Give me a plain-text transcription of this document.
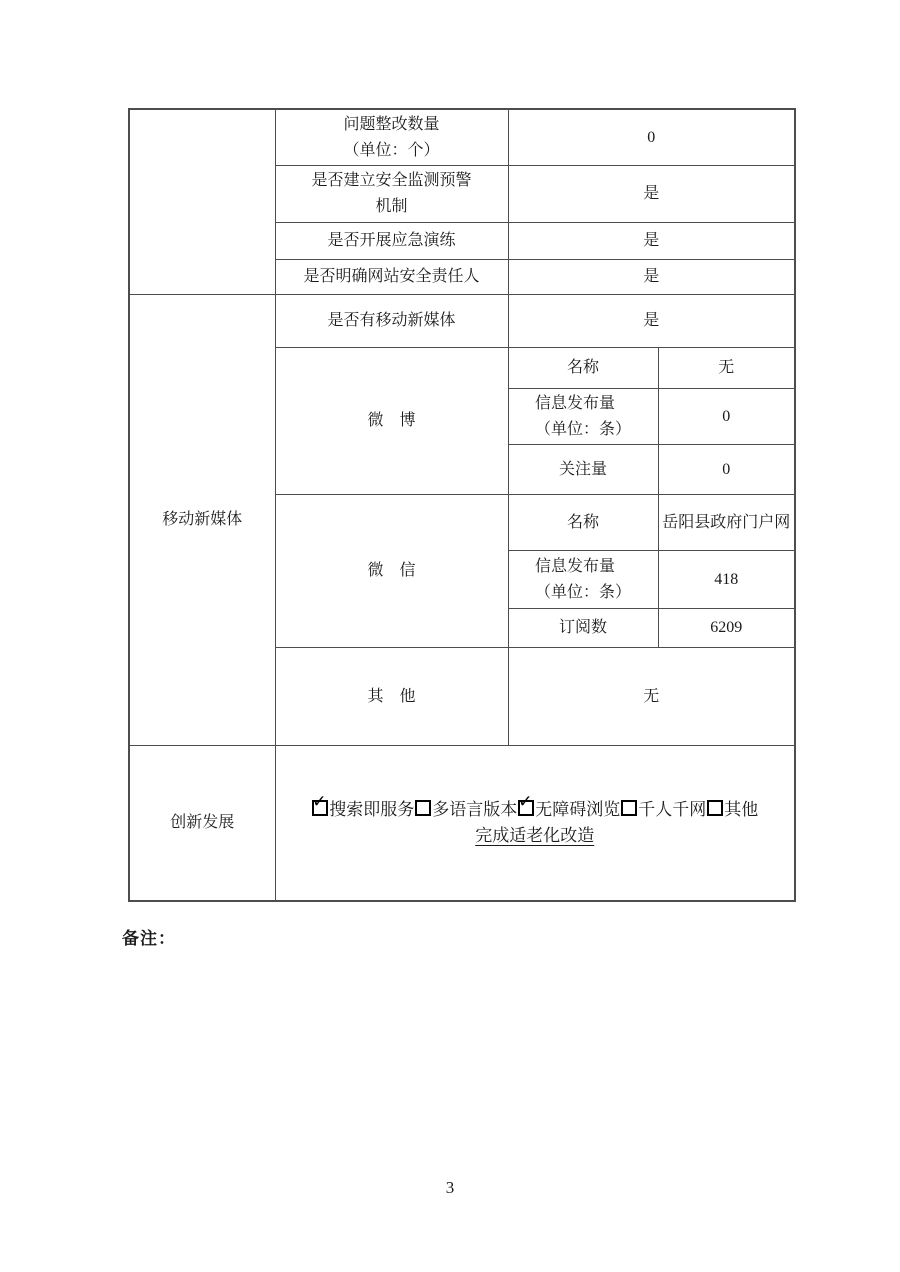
	问题整改数量
（单位：个）	0	

	是否建立安全监测预警
机制	是	
	是否开展应急演练	是	
	是否明确网站安全责任人	是	
移动新媒体	是否有移动新媒体	是	
	微　博	名称	无

		信息发布量
（单位：条）	0
		关注量	0
	微　信	名称	岳阳县政府门户网

		信息发布量
（单位：条）	418
		订阅数	6209
	其　他	无	
创新发展	
✓ 搜索即服务 多语言版本 ✓ 无障碍浏览 千人千网 其他
完成适老化改造
备注：
3
